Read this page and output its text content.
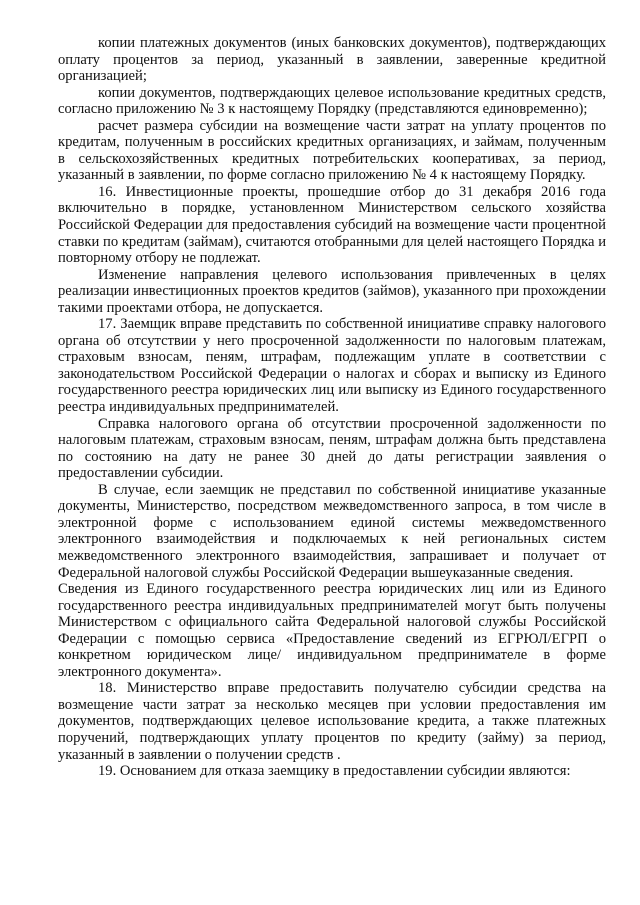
копии платежных документов (иных банковских документов), подтверждающих оплату процентов за период, указанный в заявлении, заверенные кредитной организацией;

копии документов, подтверждающих целевое использование кредитных средств, согласно приложению № 3 к настоящему Порядку (представляются единовременно);

расчет размера субсидии на возмещение части затрат на уплату процентов по кредитам, полученным в российских кредитных организациях, и займам, полученным в сельскохозяйственных кредитных потребительских кооперативах, за период, указанный в заявлении, по форме согласно приложению № 4 к настоящему Порядку.

16. Инвестиционные проекты, прошедшие отбор до 31 декабря 2016 года включительно в порядке, установленном Министерством сельского хозяйства Российской Федерации для предоставления субсидий на возмещение части процентной ставки по кредитам (займам), считаются отобранными для целей настоящего Порядка и повторному отбору не подлежат.

Изменение направления целевого использования привлеченных в целях реализации инвестиционных проектов кредитов (займов), указанного при прохождении такими проектами отбора, не допускается.

17. Заемщик вправе представить по собственной инициативе справку налогового органа об отсутствии у него просроченной задолженности по налоговым платежам, страховым взносам, пеням, штрафам, подлежащим уплате в соответствии с законодательством Российской Федерации о налогах и сборах и выписку из Единого государственного реестра юридических лиц или выписку из Единого государственного реестра индивидуальных предпринимателей.

Справка налогового органа об отсутствии просроченной задолженности по налоговым платежам, страховым взносам, пеням, штрафам должна быть представлена по состоянию на дату не ранее 30 дней до даты регистрации заявления о предоставлении субсидии.

В случае, если заемщик не представил по собственной инициативе указанные документы, Министерство, посредством межведомственного запроса, в том числе в электронной форме с использованием единой системы межведомственного электронного взаимодействия и подключаемых к ней региональных систем межведомственного электронного взаимодействия, запрашивает и получает от Федеральной налоговой службы Российской Федерации вышеуказанные сведения.

Сведения из Единого государственного реестра юридических лиц или из Единого государственного реестра индивидуальных предпринимателей могут быть получены Министерством с официального сайта Федеральной налоговой службы Российской Федерации с помощью сервиса «Предоставление сведений из ЕГРЮЛ/ЕГРП о конкретном юридическом лице/ индивидуальном предпринимателе в форме электронного документа».

18. Министерство вправе предоставить получателю субсидии средства на возмещение части затрат за несколько месяцев при условии предоставления им документов, подтверждающих целевое использование кредита, а также платежных поручений, подтверждающих уплату процентов по кредиту (займу) за период, указанный в заявлении о получении средств .

19. Основанием для отказа заемщику в предоставлении субсидии являются:
